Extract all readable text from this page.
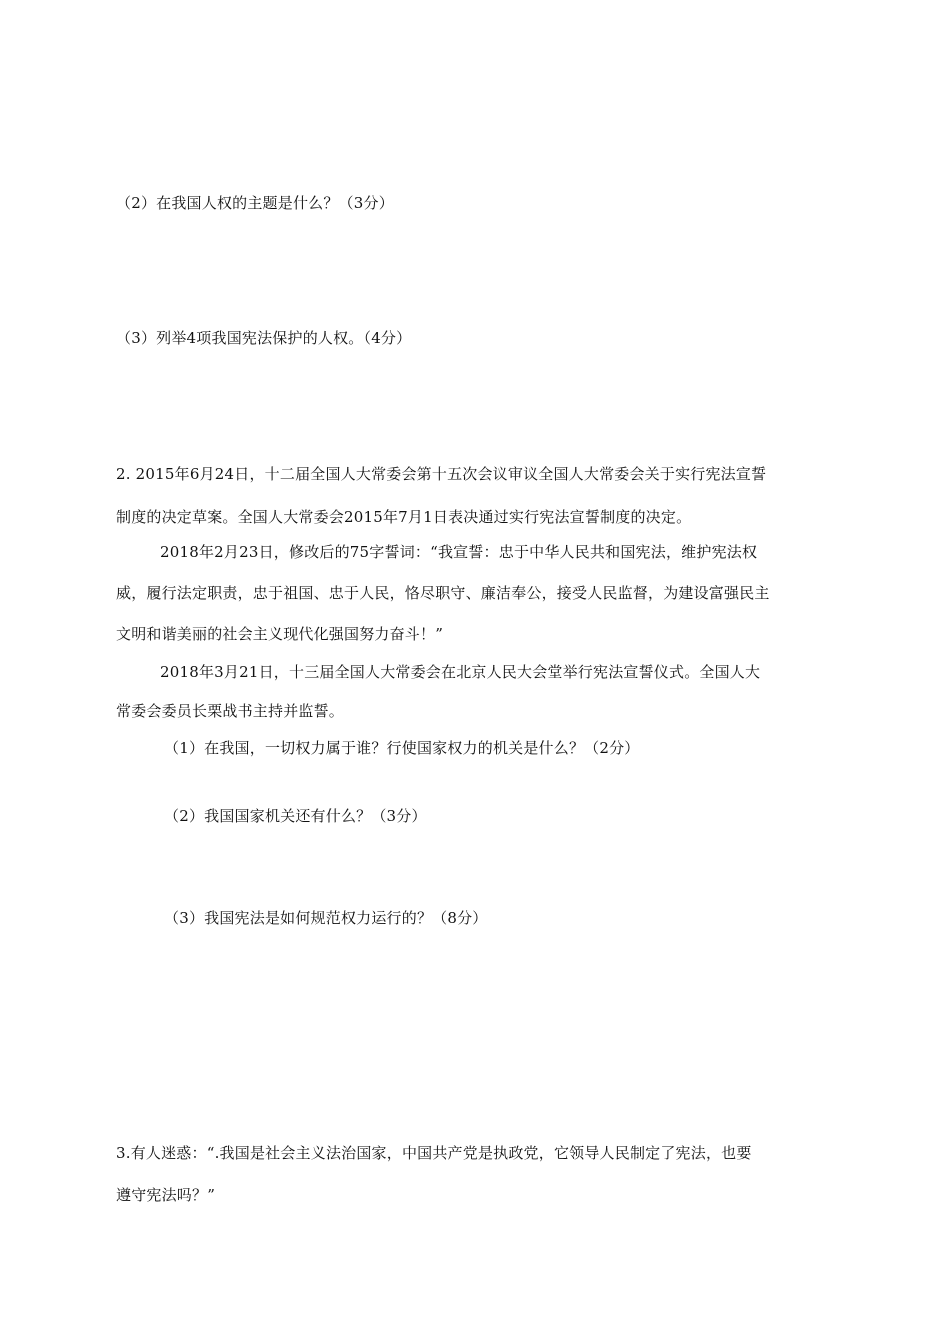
（2）在我国人权的主题是什么？（3分）
（3）列举4项我国宪法保护的人权。（4分）
2. 2015年6月24日，十二届全国人大常委会第十五次会议审议全国人大常委会关于实行宪法宣誓
制度的决定草案。全国人大常委会2015年7月1日表决通过实行宪法宣誓制度的决定。
2018年2月23日，修改后的75字誓词：“我宣誓：忠于中华人民共和国宪法，维护宪法权
威，履行法定职责，忠于祖国、忠于人民，恪尽职守、廉洁奉公，接受人民监督，为建设富强民主
文明和谐美丽的社会主义现代化强国努力奋斗！”
2018年3月21日，十三届全国人大常委会在北京人民大会堂举行宪法宣誓仪式。全国人大
常委会委员长栗战书主持并监誓。
（1）在我国，一切权力属于谁？行使国家权力的机关是什么？（2分）
（2）我国国家机关还有什么？（3分）
（3）我国宪法是如何规范权力运行的？（8分）
3.有人迷惑：“.我国是社会主义法治国家，中国共产党是执政党，它领导人民制定了宪法，也要
遵守宪法吗？”
